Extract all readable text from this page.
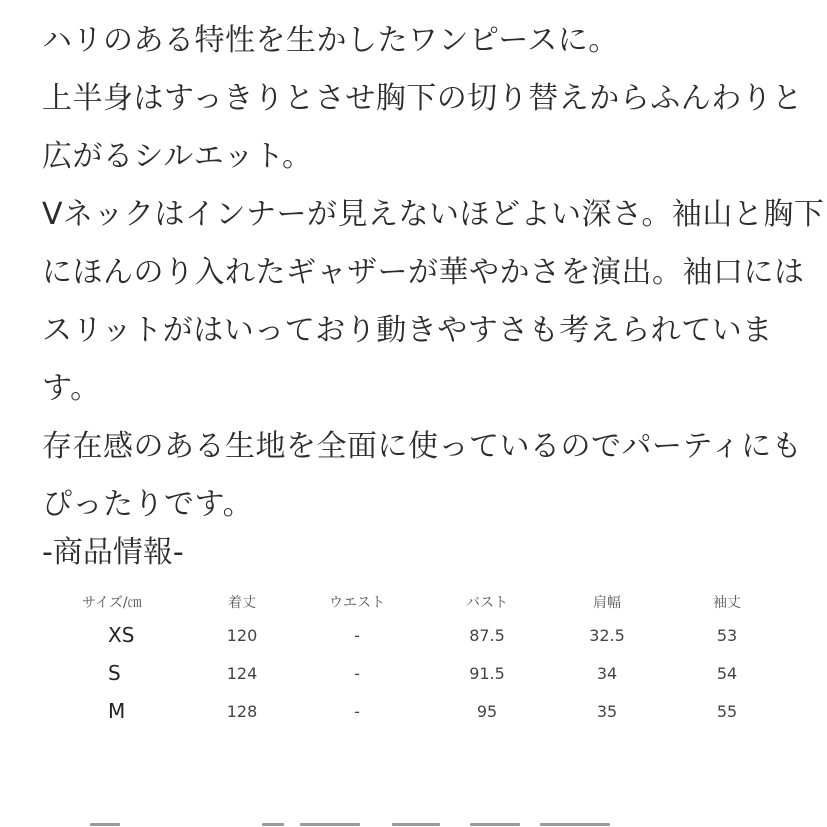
ハリのある特性を生かしたワンピースに。
上半身はすっきりとさせ胸下の切り替えからふんわりと
広がるシルエット。
Vネックはインナーが見えないほどよい深さ。袖山と胸下
にほんのり入れたギャザーが華やかさを演出。袖口には
スリットがはいっており動きやすさも考えられていま
す。
存在感のある生地を全面に使っているのでパーティにも
ぴったりです。
-商品情報-
サイズ/㎝	着丈	ウエスト	バスト	肩幅	袖丈
XS	120	-	87.5	32.5	53
S	124	-	91.5	34	54
M	128	-	95	35	55
